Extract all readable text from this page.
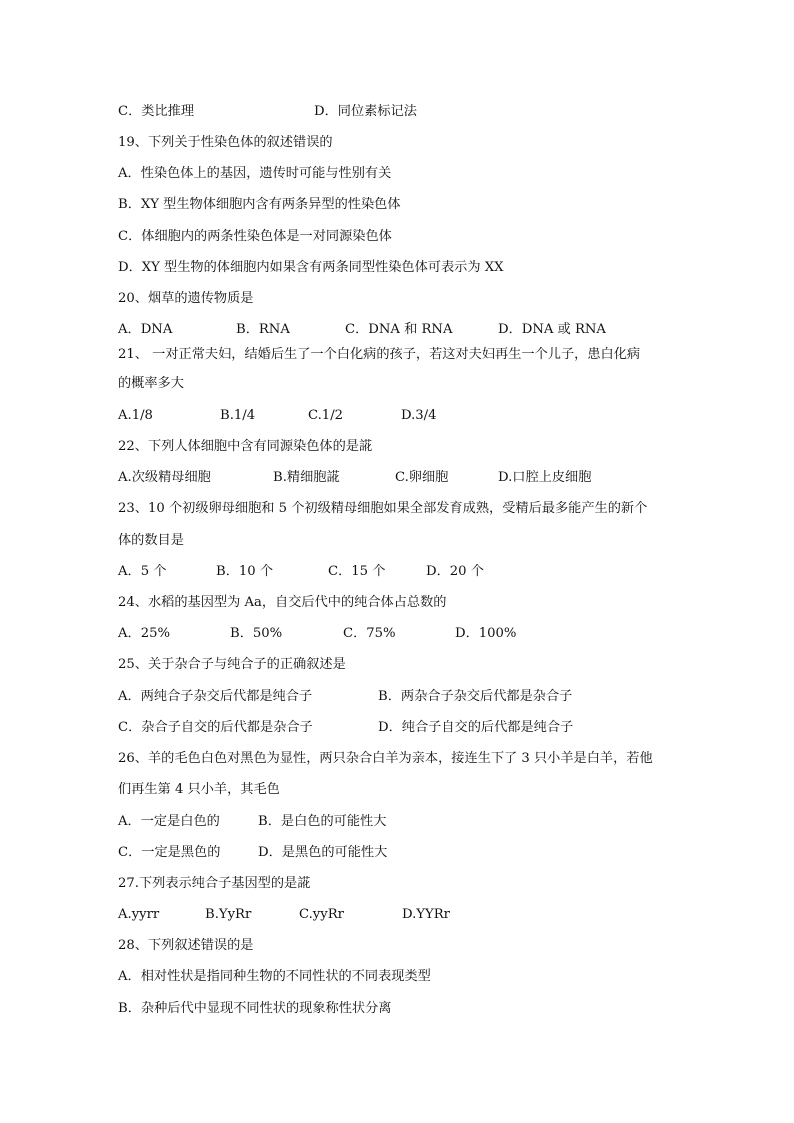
C．类比推理	D．同位素标记法
19、下列关于性染色体的叙述错误的
A．性染色体上的基因，遗传时可能与性别有关
B．XY 型生物体细胞内含有两条异型的性染色体
C．体细胞内的两条性染色体是一对同源染色体
D．XY 型生物的体细胞内如果含有两条同型性染色体可表示为 XX
20、烟草的遗传物质是
A．DNA	B．RNA	C．DNA 和 RNA	D．DNA 或 RNA
21、 一对正常夫妇，结婚后生了一个白化病的孩子，若这对夫妇再生一个儿子，患白化病
的概率多大
A.1/8	B.1/4	C.1/2	D.3/4
22、下列人体细胞中含有同源染色体的是誮
A.次级精母细胞	B.精细胞誮	C.卵细胞	D.口腔上皮细胞
23、10 个初级卵母细胞和 5 个初级精母细胞如果全部发育成熟，受精后最多能产生的新个
体的数目是
A．5 个	B．10 个	C．15 个	D．20 个
24、水稻的基因型为 Aa，自交后代中的纯合体占总数的
A．25%	B．50%	C．75%	D．100%
25、关于杂合子与纯合子的正确叙述是
A．两纯合子杂交后代都是纯合子	B．两杂合子杂交后代都是杂合子
C．杂合子自交的后代都是杂合子	D．纯合子自交的后代都是纯合子
26、羊的毛色白色对黑色为显性，两只杂合白羊为亲本，接连生下了 3 只小羊是白羊，若他
们再生第 4 只小羊，其毛色
A．一定是白色的	B．是白色的可能性大
C．一定是黑色的	D．是黑色的可能性大
27.下列表示纯合子基因型的是誮
A.yyrr	B.YyRr	C.yyRr	D.YYRr
28、下列叙述错误的是
A．相对性状是指同种生物的不同性状的不同表现类型
B．杂种后代中显现不同性状的现象称性状分离
